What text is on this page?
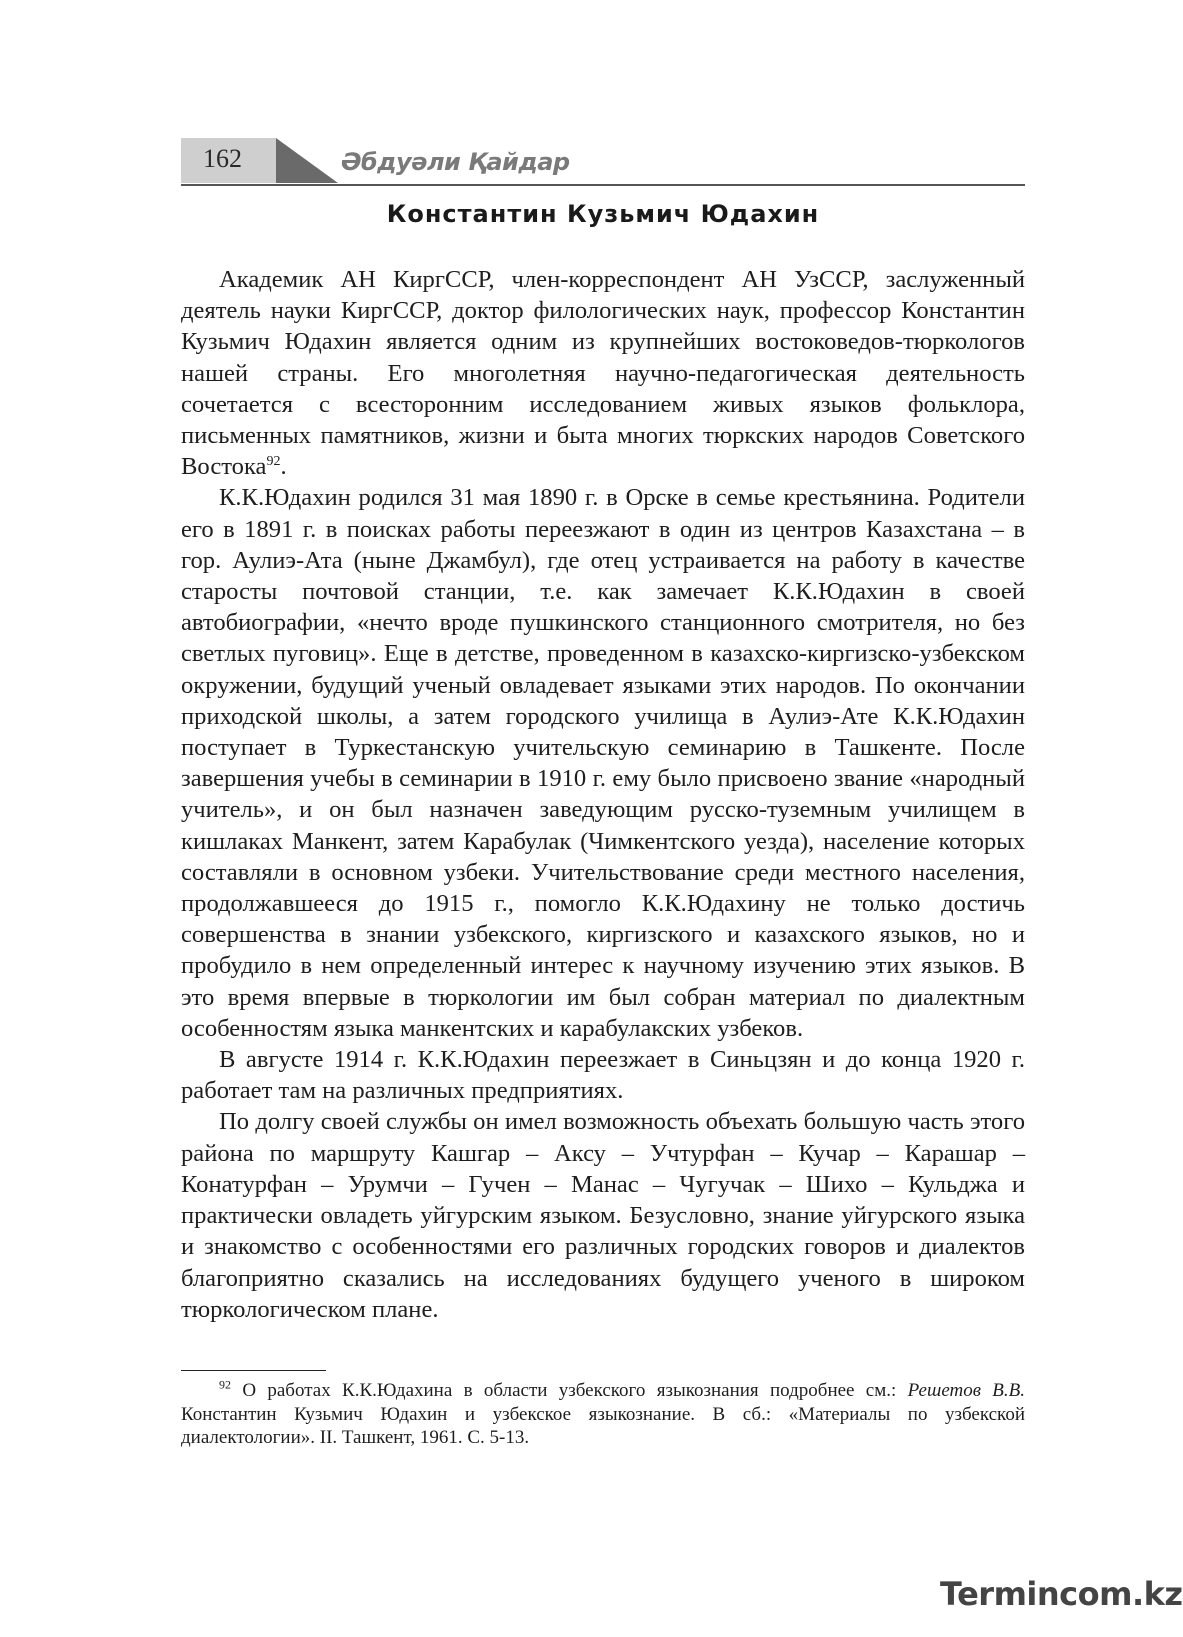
162	Әбдуәли Қайдар
Константин Кузьмич Юдахин

Академик АН КиргССР, член-корреспондент АН УзССР, заслуженный деятель науки КиргССР, доктор филологических наук, профессор Константин Кузьмич Юдахин является одним из крупнейших востоковедов-тюркологов нашей страны. Его многолетняя научно-педагогическая деятельность сочетается с всесторонним исследованием живых языков фольклора, письменных памятников, жизни и быта многих тюркских народов Советского Востока$^{92}$.

К.К.Юдахин родился 31 мая 1890 г. в Орске в семье крестьянина. Родители его в 1891 г. в поисках работы переезжают в один из центров Казахстана – в гор. Аулиэ-Ата (ныне Джамбул), где отец устраивается на работу в качестве старосты почтовой станции, т.е. как замечает К.К.Юдахин в своей автобиографии, «нечто вроде пушкинского станционного смотрителя, но без светлых пуговиц». Еще в детстве, проведенном в казахско-киргизско-узбекском окружении, будущий ученый овладевает языками этих народов. По окончании приходской школы, а затем городского училища в Аулиэ-Ате К.К.Юдахин поступает в Туркестанскую учительскую семинарию в Ташкенте. После завершения учебы в семинарии в 1910 г. ему было присвоено звание «народный учитель», и он был назначен заведующим русско-туземным училищем в кишлаках Манкент, затем Карабулак (Чимкентского уезда), население которых составляли в основном узбеки. Учительствование среди местного населения, продолжавшееся до 1915 г., помогло К.К.Юдахину не только достичь совершенства в знании узбекского, киргизского и казахского языков, но и пробудило в нем определенный интерес к научному изучению этих языков. В это время впервые в тюркологии им был собран материал по диалектным особенностям языка манкентских и карабулакских узбеков.

В августе 1914 г. К.К.Юдахин переезжает в Синьцзян и до конца 1920 г. работает там на различных предприятиях.

По долгу своей службы он имел возможность объехать большую часть этого района по маршруту Кашгар – Аксу – Учтурфан – Кучар – Карашар – Конатурфан – Урумчи – Гучен – Манас – Чугучак – Шихо – Кульджа и практически овладеть уйгурским языком. Безусловно, знание уйгурского языка и знакомство с особенностями его различных городских говоров и диалектов благоприятно сказались на исследованиях будущего ученого в широком тюркологическом плане.

$^{92}$ О работах К.К.Юдахина в области узбекского языкознания подробнее см.: Решетов В.В. Константин Кузьмич Юдахин и узбекское языкознание. В сб.: «Материалы по узбекской диалектологии». II. Ташкент, 1961. С. 5-13.
Termincom.kz
